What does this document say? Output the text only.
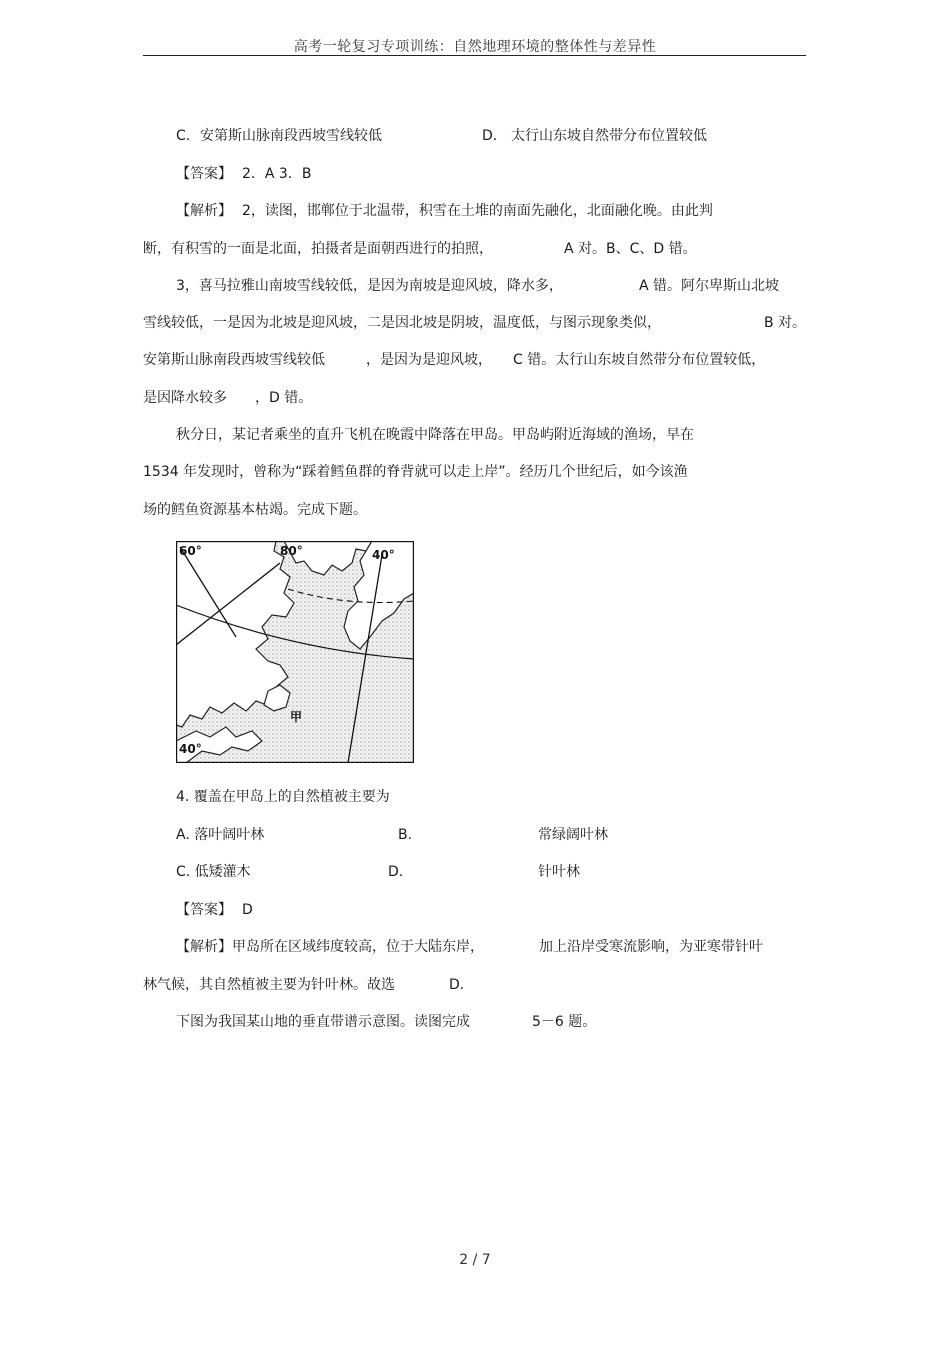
高考一轮复习专项训练：自然地理环境的整体性与差异性
C. 安第斯山脉南段西坡雪线较低	D． 太行山东坡自然带分布位置较低
【答案】 2．A 3．B
【解析】 2，读图，邯郸位于北温带，积雪在土堆的南面先融化，北面融化晚。由此判
断，有积雪的一面是北面，拍摄者是面朝西进行的拍照，	A 对。B、C、D 错。
3，喜马拉雅山南坡雪线较低，是因为南坡是迎风坡，降水多，	A 错。阿尔卑斯山北坡
雪线较低，一是因为北坡是迎风坡，二是因北坡是阴坡，温度低，与图示现象类似，	B 对。
安第斯山脉南段西坡雪线较低	，是因为是迎风坡， C 错。太行山东坡自然带分布位置较低，
是因降水较多 ，D 错。
秋分日，某记者乘坐的直升飞机在晚霞中降落在甲岛。甲岛屿附近海域的渔场，早在
1534 年发现时，曾称为“踩着鳕鱼群的脊背就可以走上岸”。经历几个世纪后，如今该渔
场的鳕鱼资源基本枯竭。完成下题。
60°	80°	40°
40°
甲
4. 覆盖在甲岛上的自然植被主要为
A. 落叶阔叶林	B.	常绿阔叶林
C. 低矮灌木	D.	针叶林
【答案】 D
【解析】甲岛所在区域纬度较高，位于大陆东岸，	加上沿岸受寒流影响，为亚寒带针叶
林气候，其自然植被主要为针叶林。故选	D.
下图为我国某山地的垂直带谱示意图。读图完成	5－6 题。
2 / 7
